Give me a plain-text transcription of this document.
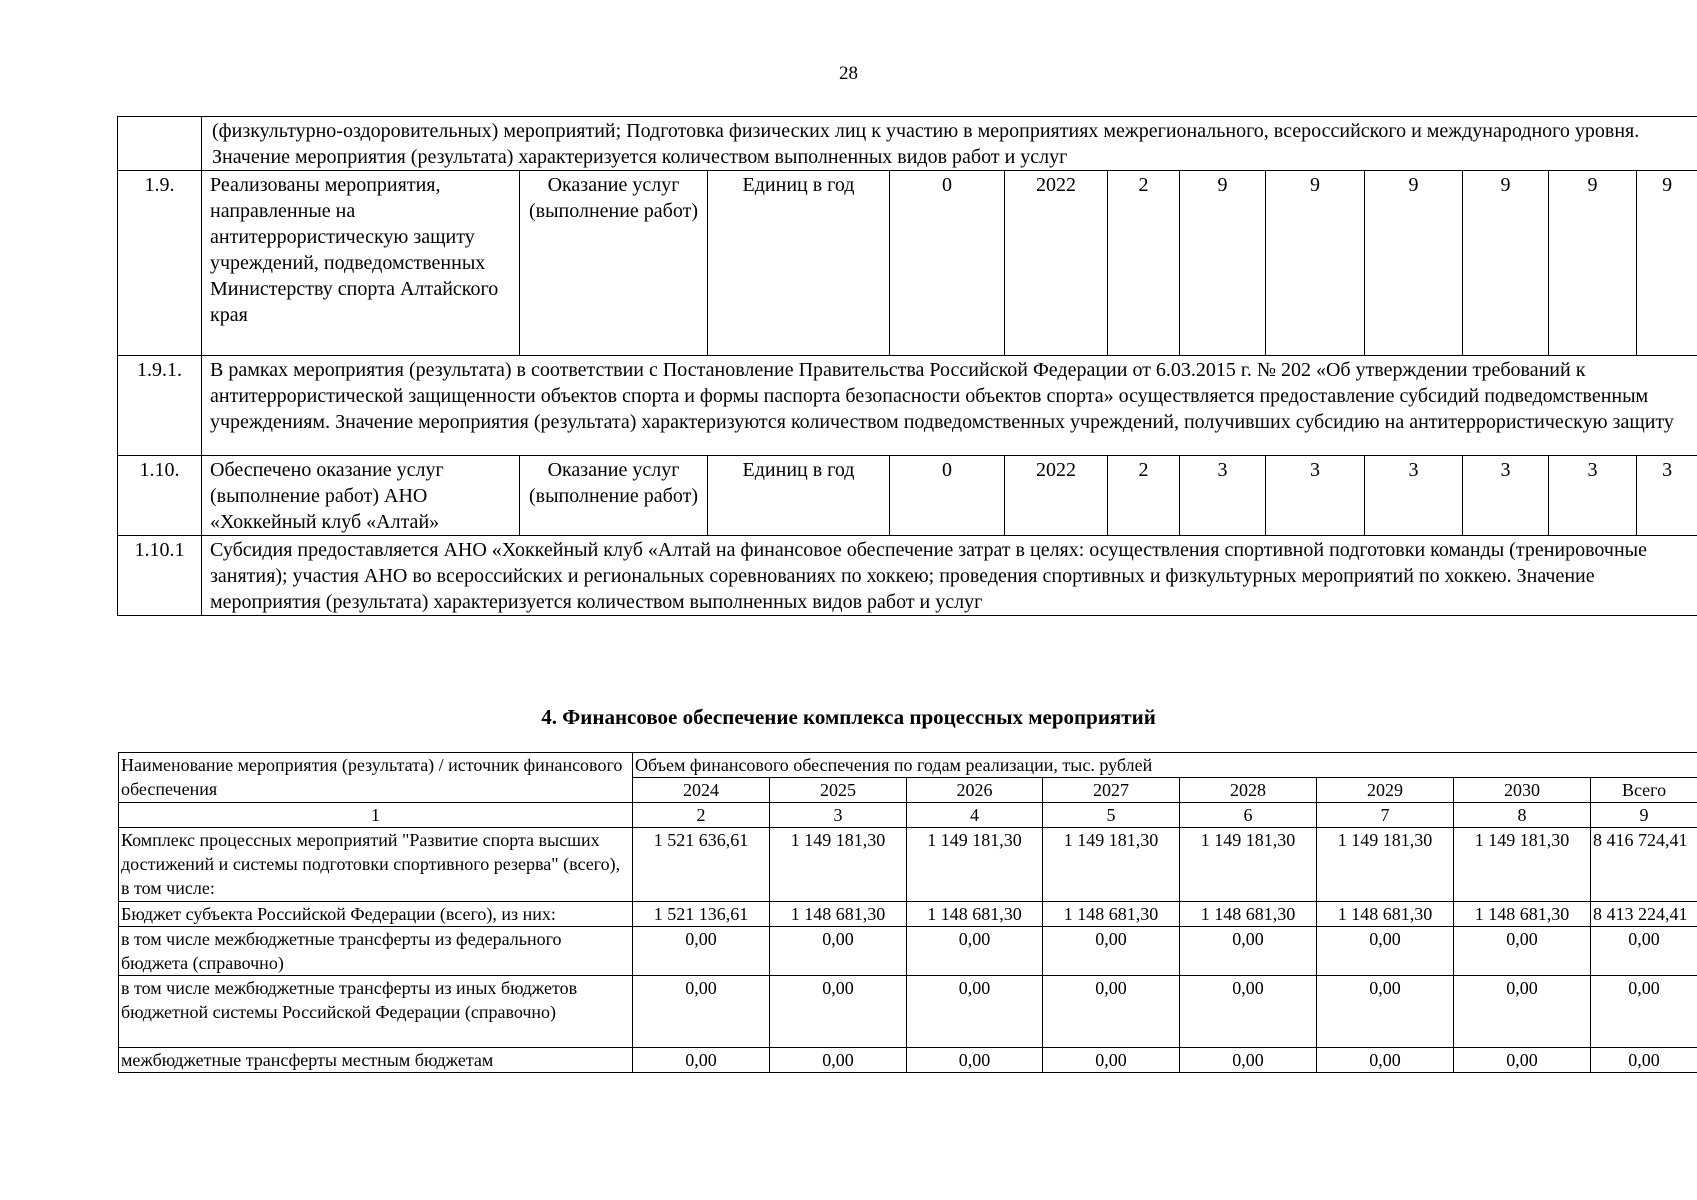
28
	(физкультурно-оздоровительных) мероприятий; Подготовка физических лиц к участию в мероприятиях межрегионального, всероссийского и международного уровня. Значение мероприятия (результата) характеризуется количеством выполненных видов работ и услуг											
1.9.	Реализованы мероприятия, направленные на антитеррористическую защиту учреждений, подведомственных Министерству спорта Алтайского края	Оказание услуг (выполнение работ)	Единиц в год	0	2022	2	9	9	9	9	9	9
1.9.1.	В рамках мероприятия (результата) в соответствии с Постановление Правительства Российской Федерации от 6.03.2015 г. № 202 «Об утверждении требований к антитеррористической защищенности объектов спорта и формы паспорта безопасности объектов спорта» осуществляется предоставление субсидий подведомственным учреждениям. Значение мероприятия (результата) характеризуются количеством подведомственных учреждений, получивших субсидию на антитеррористическую защиту											
1.10.	Обеспечено оказание услуг (выполнение работ) АНО «Хоккейный клуб «Алтай»	Оказание услуг (выполнение работ)	Единиц в год	0	2022	2	3	3	3	3	3	3
1.10.1	Субсидия предоставляется АНО «Хоккейный клуб «Алтай на финансовое обеспечение затрат в целях: осуществления спортивной подготовки команды (тренировочные занятия); участия АНО во всероссийских и региональных соревнованиях по хоккею; проведения спортивных и физкультурных мероприятий по хоккею. Значение мероприятия (результата) характеризуется количеством выполненных видов работ и услуг											
4. Финансовое обеспечение комплекса процессных мероприятий
Наименование мероприятия (результата) / источник финансового обеспечения	Объем финансового обеспечения по годам реализации, тыс. рублей							
	2024	2025	2026	2027	2028	2029	2030	Всего
1	2	3	4	5	6	7	8	9
Комплекс процессных мероприятий "Развитие спорта высших достижений и системы подготовки спортивного резерва" (всего), в том числе:	1 521 636,61	1 149 181,30	1 149 181,30	1 149 181,30	1 149 181,30	1 149 181,30	1 149 181,30	8 416 724,41
Бюджет субъекта Российской Федерации (всего), из них:	1 521 136,61	1 148 681,30	1 148 681,30	1 148 681,30	1 148 681,30	1 148 681,30	1 148 681,30	8 413 224,41
в том числе межбюджетные трансферты из федерального бюджета (справочно)	0,00	0,00	0,00	0,00	0,00	0,00	0,00	0,00
в том числе межбюджетные трансферты из иных бюджетов бюджетной системы Российской Федерации (справочно)	0,00	0,00	0,00	0,00	0,00	0,00	0,00	0,00
межбюджетные трансферты местным бюджетам	0,00	0,00	0,00	0,00	0,00	0,00	0,00	0,00
